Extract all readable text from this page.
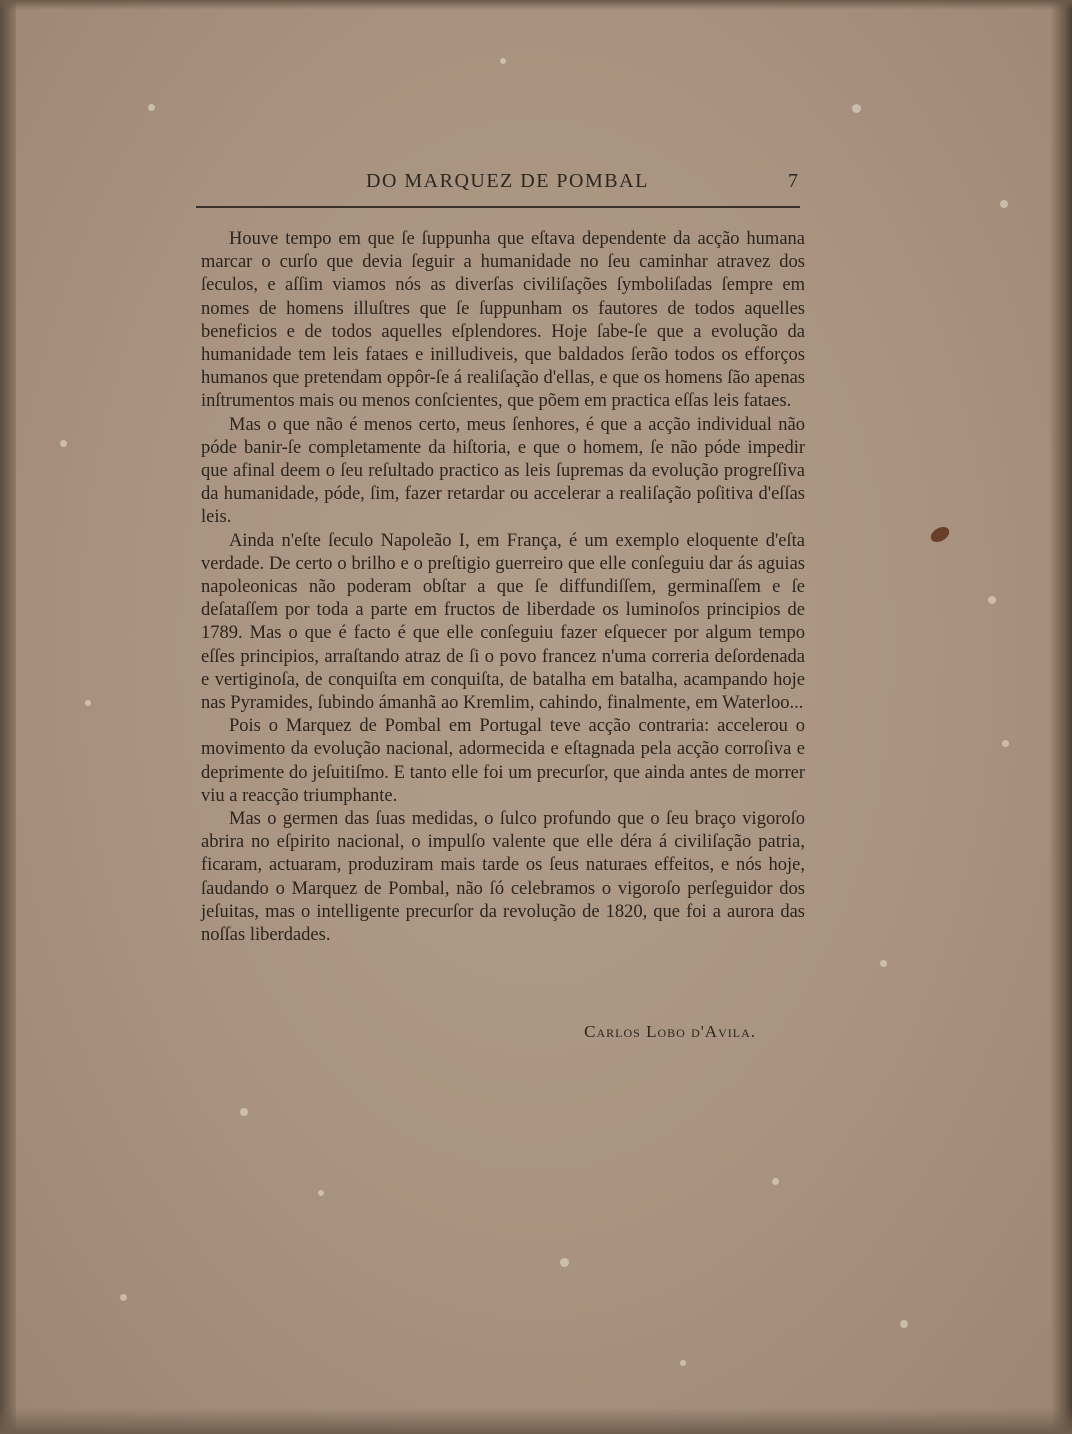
DO MARQUEZ DE POMBAL	7

Houve tempo em que ſe ſuppunha que eſtava dependente da acção humana marcar o curſo que devia ſeguir a humanidade no ſeu caminhar atravez dos ſeculos, e aſſim viamos nós as diverſas civiliſações ſymboliſadas ſempre em nomes de homens illuſtres que ſe ſuppunham os fautores de todos aquelles beneficios e de todos aquelles eſplendores. Hoje ſabe-ſe que a evolução da humanidade tem leis fataes e inilludiveis, que baldados ſerão todos os efforços humanos que pretendam oppôr-ſe á realiſação d'ellas, e que os homens ſão apenas inſtrumentos mais ou menos conſcientes, que põem em practica eſſas leis fataes.

Mas o que não é menos certo, meus ſenhores, é que a acção individual não póde banir-ſe completamente da hiſtoria, e que o homem, ſe não póde impedir que afinal deem o ſeu reſultado practico as leis ſupremas da evolução progreſſiva da humanidade, póde, ſim, fazer retardar ou accelerar a realiſação poſitiva d'eſſas leis.

Ainda n'eſte ſeculo Napoleão I, em França, é um exemplo eloquente d'eſta verdade. De certo o brilho e o preſtigio guerreiro que elle conſeguiu dar ás aguias napoleonicas não poderam obſtar a que ſe diffundiſſem, germinaſſem e ſe deſataſſem por toda a parte em fructos de liberdade os luminoſos principios de 1789. Mas o que é facto é que elle conſeguiu fazer eſquecer por algum tempo eſſes principios, arraſtando atraz de ſi o povo francez n'uma correria deſordenada e vertiginoſa, de conquiſta em conquiſta, de batalha em batalha, acampando hoje nas Pyramides, ſubindo ámanhã ao Kremlim, cahindo, finalmente, em Waterloo...

Pois o Marquez de Pombal em Portugal teve acção contraria: accelerou o movimento da evolução nacional, adormecida e eſtagnada pela acção corroſiva e deprimente do jeſuitiſmo. E tanto elle foi um precurſor, que ainda antes de morrer viu a reacção triumphante.

Mas o germen das ſuas medidas, o ſulco profundo que o ſeu braço vigoroſo abrira no eſpirito nacional, o impulſo valente que elle déra á civiliſação patria, ficaram, actuaram, produziram mais tarde os ſeus naturaes effeitos, e nós hoje, ſaudando o Marquez de Pombal, não ſó celebramos o vigoroſo perſeguidor dos jeſuitas, mas o intelligente precurſor da revolução de 1820, que foi a aurora das noſſas liberdades.

Carlos Lobo d'Avila.
